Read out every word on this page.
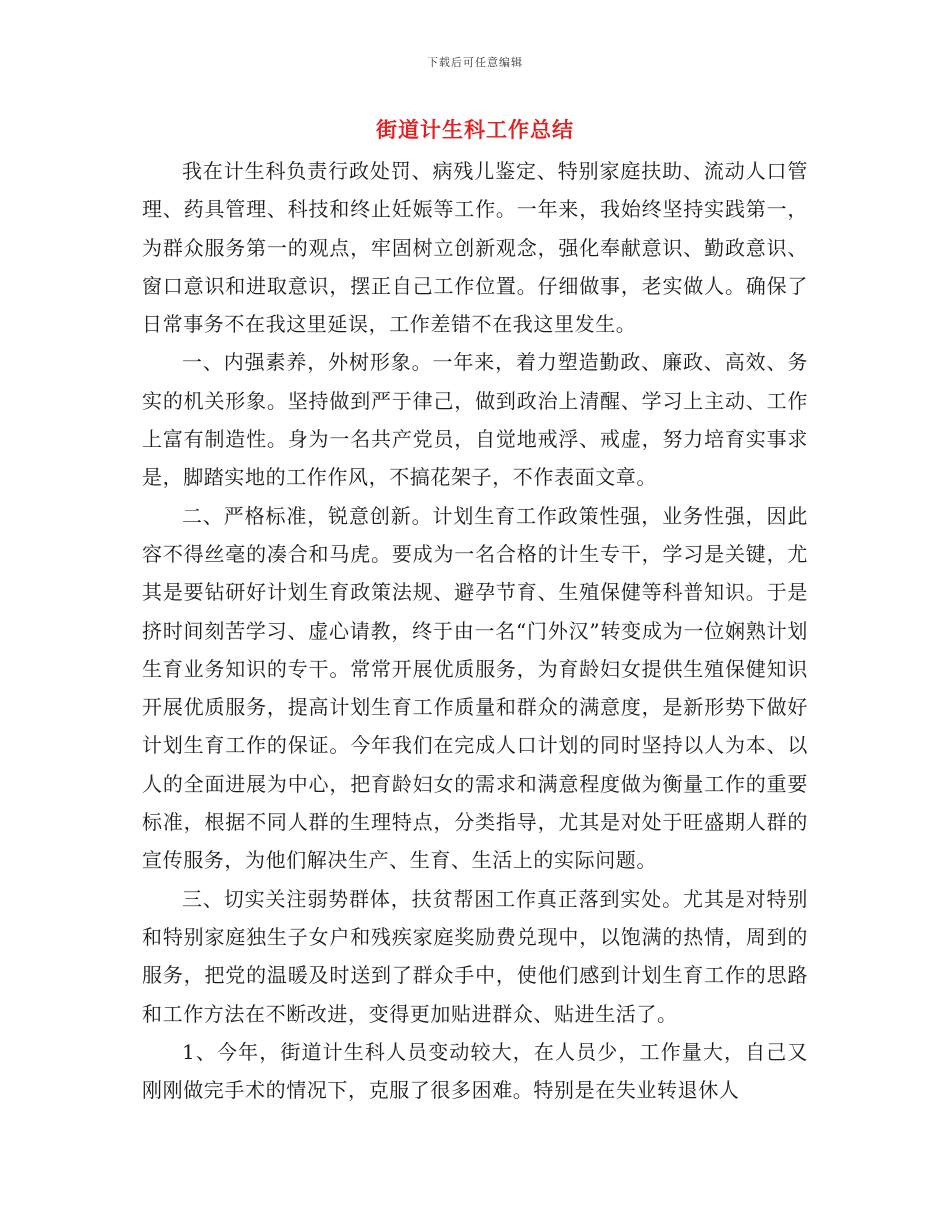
下载后可任意编辑
街道计生科工作总结

我在计生科负责行政处罚、病残儿鉴定、特别家庭扶助、流动人口管理、药具管理、科技和终止妊娠等工作。一年来，我始终坚持实践第一，为群众服务第一的观点，牢固树立创新观念，强化奉献意识、勤政意识、窗口意识和进取意识，摆正自己工作位置。仔细做事，老实做人。确保了日常事务不在我这里延误，工作差错不在我这里发生。

一、内强素养，外树形象。一年来，着力塑造勤政、廉政、高效、务实的机关形象。坚持做到严于律己，做到政治上清醒、学习上主动、工作上富有制造性。身为一名共产党员，自觉地戒浮、戒虚，努力培育实事求是，脚踏实地的工作作风，不搞花架子，不作表面文章。

二、严格标准，锐意创新。计划生育工作政策性强，业务性强，因此容不得丝毫的凑合和马虎。要成为一名合格的计生专干，学习是关键，尤其是要钻研好计划生育政策法规、避孕节育、生殖保健等科普知识。于是挤时间刻苦学习、虚心请教，终于由一名“门外汉”转变成为一位娴熟计划生育业务知识的专干。常常开展优质服务，为育龄妇女提供生殖保健知识开展优质服务，提高计划生育工作质量和群众的满意度，是新形势下做好计划生育工作的保证。今年我们在完成人口计划的同时坚持以人为本、以人的全面进展为中心，把育龄妇女的需求和满意程度做为衡量工作的重要标准，根据不同人群的生理特点，分类指导，尤其是对处于旺盛期人群的宣传服务，为他们解决生产、生育、生活上的实际问题。

三、切实关注弱势群体，扶贫帮困工作真正落到实处。尤其是对特别和特别家庭独生子女户和残疾家庭奖励费兑现中，以饱满的热情，周到的服务，把党的温暖及时送到了群众手中，使他们感到计划生育工作的思路和工作方法在不断改进，变得更加贴进群众、贴进生活了。

1、今年，街道计生科人员变动较大，在人员少，工作量大，自己又刚刚做完手术的情况下，克服了很多困难。特别是在失业转退休人
